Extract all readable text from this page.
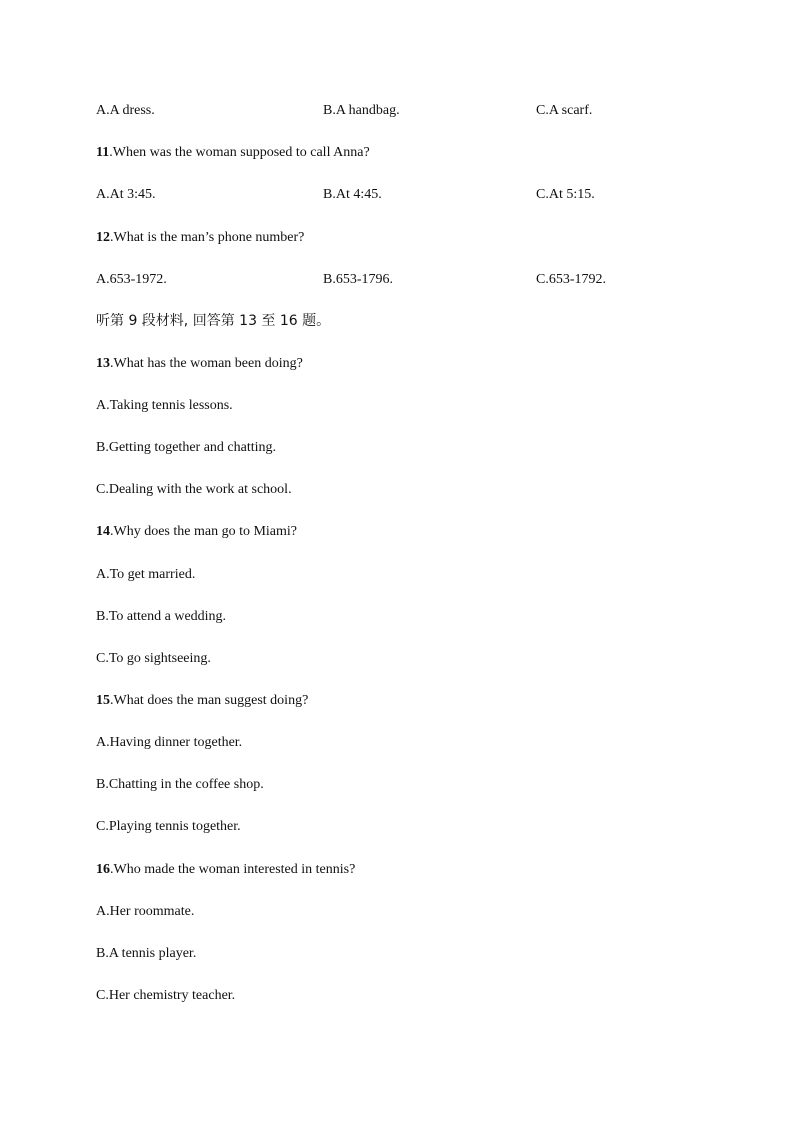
A.A dress.	B.A handbag.	C.A scarf.
11.When was the woman supposed to call Anna?
A.At 3:45.	B.At 4:45.	C.At 5:15.
12.What is the man’s phone number?
A.653-1972.	B.653-1796.	C.653-1792.
听第 9 段材料, 回答第 13 至 16 题。
13.What has the woman been doing?
A.Taking tennis lessons.
B.Getting together and chatting.
C.Dealing with the work at school.
14.Why does the man go to Miami?
A.To get married.
B.To attend a wedding.
C.To go sightseeing.
15.What does the man suggest doing?
A.Having dinner together.
B.Chatting in the coffee shop.
C.Playing tennis together.
16.Who made the woman interested in tennis?
A.Her roommate.
B.A tennis player.
C.Her chemistry teacher.
